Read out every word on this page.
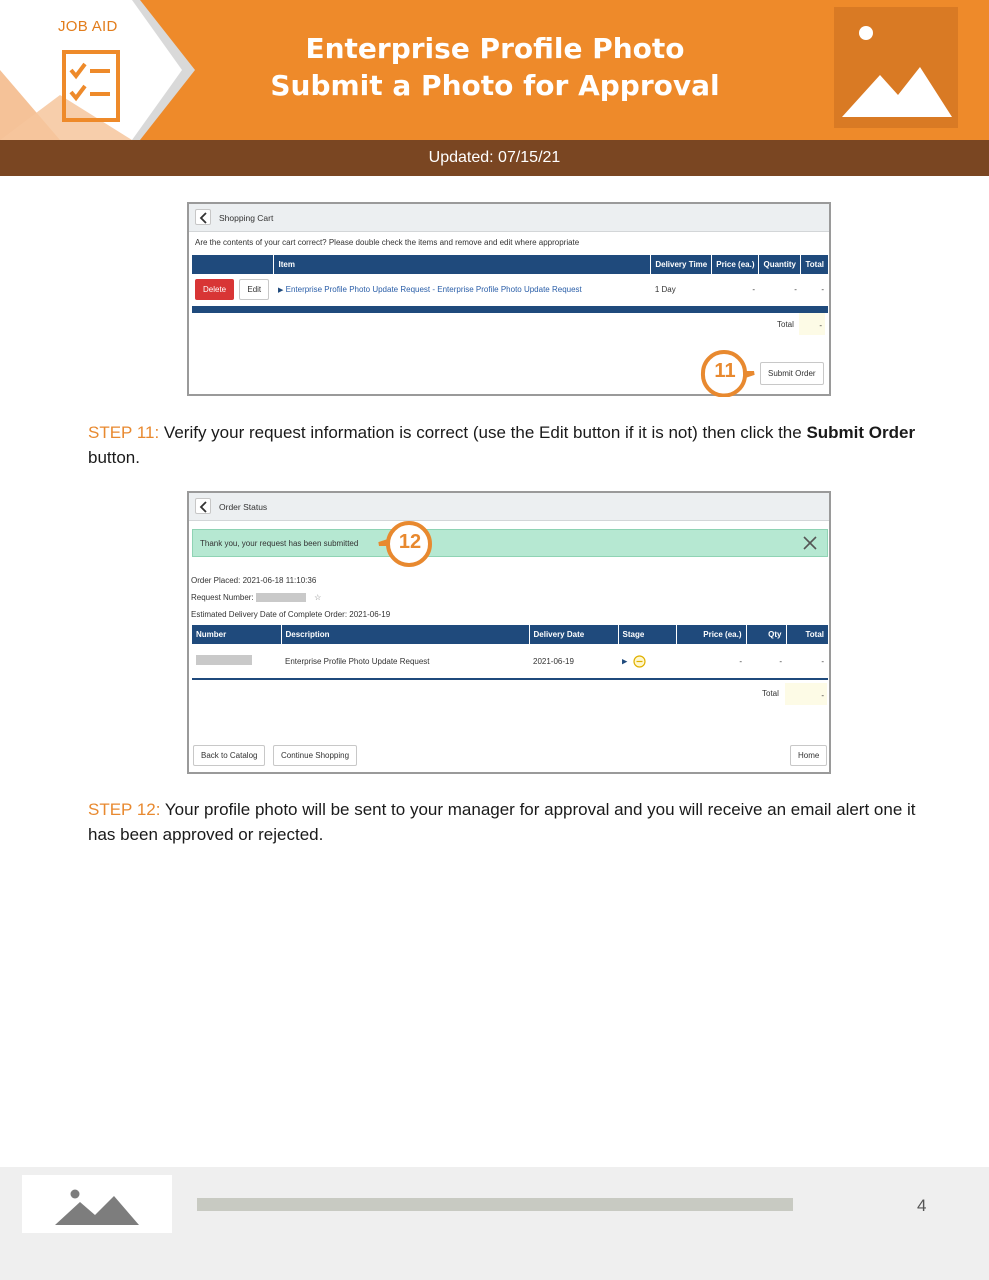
JOB AID
Enterprise Profile Photo
Submit a Photo for Approval
Updated: 07/15/21
Shopping Cart
Are the contents of your cart correct? Please double check the items and remove and edit where appropriate
	Item	Delivery Time	Price (ea.)	Quantity	Total
Delete Edit	▶ Enterprise Profile Photo Update Request - Enterprise Profile Photo Update Request	1 Day	-	-	-
Total	-
11	Submit Order
STEP 11: Verify your request information is correct (use the Edit button if it is not) then click the Submit Order button.
Order Status
Thank you, your request has been submitted	12
Order Placed: 2021-06-18 11:10:36
Request Number:	☆
Estimated Delivery Date of Complete Order: 2021-06-19
Number	Description	Delivery Date	Stage	Price (ea.)	Qty	Total
	Enterprise Profile Photo Update Request	2021-06-19	▶	-	-	-
Total	-
Back to Catalog	Continue Shopping	Home
STEP 12: Your profile photo will be sent to your manager for approval and you will receive an email alert one it has been approved or rejected.
4
